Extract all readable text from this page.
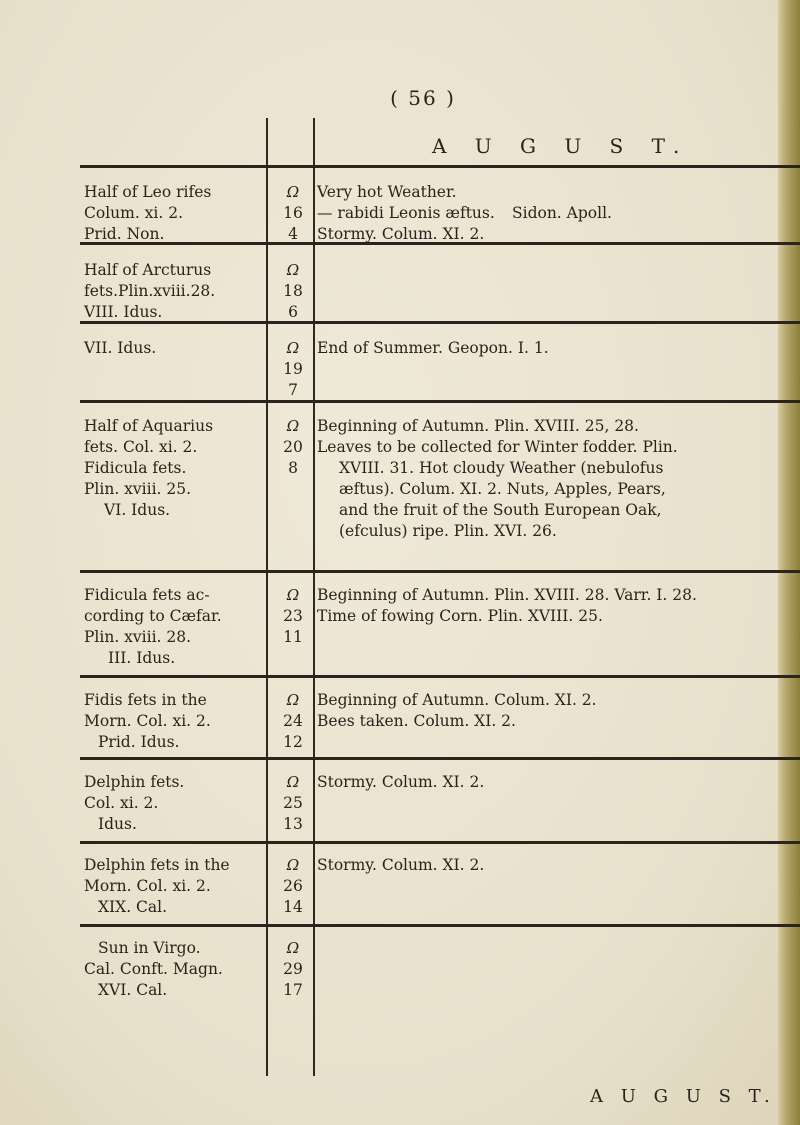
( 56 )
A U G U S T.
Half of Leo rifes
Colum. xi. 2.
Prid. Non.
Ω
16
4
Very hot Weather.
— rabidi Leonis æftus. Sidon. Apoll.
Stormy. Colum. XI. 2.
Half of Arcturus
fets.Plin.xviii.28.
VIII. Idus.
Ω
18
6
VII. Idus.	Ω
19
7
End of Summer. Geopon. I. 1.
Half of Aquarius
fets. Col. xi. 2.
Fidicula fets.
Plin. xviii. 25.
VI. Idus.
Ω
20
8
Beginning of Autumn. Plin. XVIII. 25, 28.
Leaves to be collected for Winter fodder. Plin.
XVIII. 31. Hot cloudy Weather (nebulofus
æftus). Colum. XI. 2. Nuts, Apples, Pears,
and the fruit of the South European Oak,
(efculus) ripe. Plin. XVI. 26.
Fidicula fets ac-
cording to Cæfar.
Plin. xviii. 28.
III. Idus.
Ω
23
11
Beginning of Autumn. Plin. XVIII. 28. Varr. I. 28.
Time of fowing Corn. Plin. XVIII. 25.
Fidis fets in the
Morn. Col. xi. 2.
Prid. Idus.
Ω
24
12
Beginning of Autumn. Colum. XI. 2.
Bees taken. Colum. XI. 2.
Delphin fets.
Col. xi. 2.
Idus.
Ω
25
13
Stormy. Colum. XI. 2.
Delphin fets in the
Morn. Col. xi. 2.
XIX. Cal.
Ω
26
14
Stormy. Colum. XI. 2.
Sun in Virgo.
Cal. Conft. Magn.
XVI. Cal.
Ω
29
17
A U G U S T.
